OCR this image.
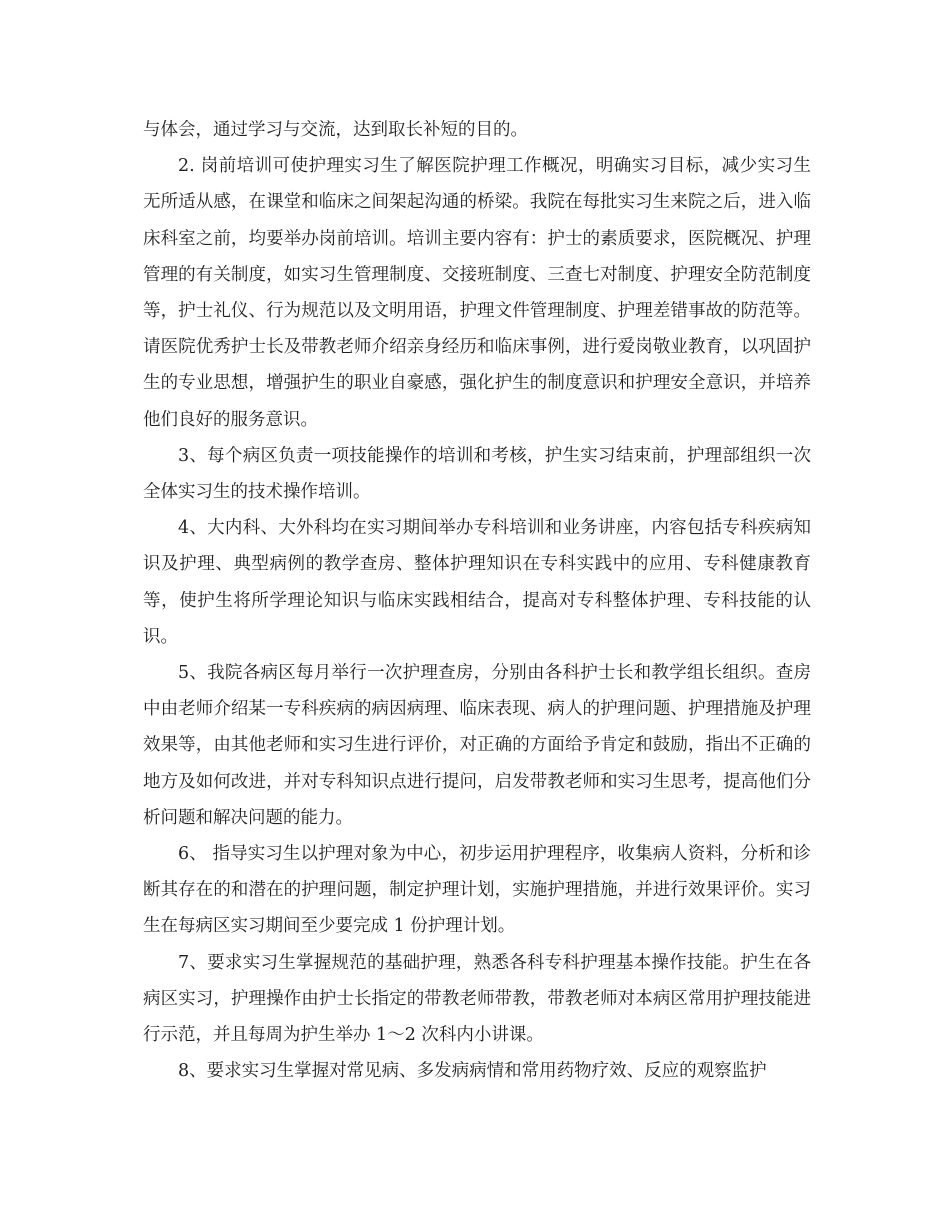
与体会，通过学习与交流，达到取长补短的目的。

2. 岗前培训可使护理实习生了解医院护理工作概况，明确实习目标，减少实习生无所适从感，在课堂和临床之间架起沟通的桥梁。我院在每批实习生来院之后，进入临床科室之前，均要举办岗前培训。培训主要内容有：护士的素质要求，医院概况、护理管理的有关制度，如实习生管理制度、交接班制度、三查七对制度、护理安全防范制度 等，护士礼仪、行为规范以及文明用语，护理文件管理制度、护理差错事故的防范等。请医院优秀护士长及带教老师介绍亲身经历和临床事例，进行爱岗敬业教育，以巩固护生的专业思想，增强护生的职业自豪感，强化护生的制度意识和护理安全意识，并培养他们良好的服务意识。

3、每个病区负责一项技能操作的培训和考核，护生实习结束前，护理部组织一次全体实习生的技术操作培训。

4、大内科、大外科均在实习期间举办专科培训和业务讲座，内容包括专科疾病知识及护理、典型病例的教学查房、整体护理知识在专科实践中的应用、专科健康教育等，使护生将所学理论知识与临床实践相结合，提高对专科整体护理、专科技能的认识。

5、我院各病区每月举行一次护理查房，分别由各科护士长和教学组长组织。查房中由老师介绍某一专科疾病的病因病理、临床表现、病人的护理问题、护理措施及护理效果等，由其他老师和实习生进行评价，对正确的方面给予肯定和鼓励，指出不正确的地方及如何改进，并对专科知识点进行提问，启发带教老师和实习生思考，提高他们分析问题和解决问题的能力。

6、 指导实习生以护理对象为中心，初步运用护理程序，收集病人资料，分析和诊断其存在的和潜在的护理问题，制定护理计划，实施护理措施，并进行效果评价。实习生在每病区实习期间至少要完成 1 份护理计划。

7、要求实习生掌握规范的基础护理，熟悉各科专科护理基本操作技能。护生在各病区实习，护理操作由护士长指定的带教老师带教，带教老师对本病区常用护理技能进行示范，并且每周为护生举办 1～2 次科内小讲课。

8、要求实习生掌握对常见病、多发病病情和常用药物疗效、反应的观察监护
